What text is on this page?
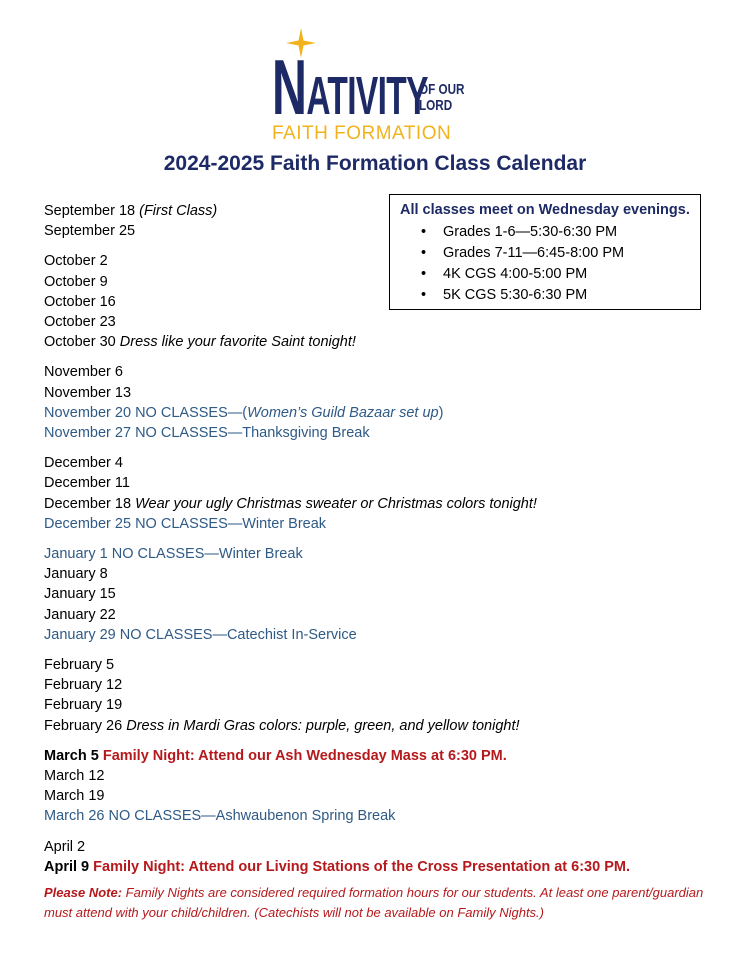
NATIVITY
OF OUR
LORD
FAITH FORMATION
2024-2025 Faith Formation Class Calendar
All classes meet on Wednesday evenings.
• Grades 1-6—5:30-6:30 PM
• Grades 7-11—6:45-8:00 PM
• 4K CGS 4:00-5:00 PM
• 5K CGS 5:30-6:30 PM
September 18 (First Class)
September 25
October 2
October 9
October 16
October 23
October 30 Dress like your favorite Saint tonight!
November 6
November 13
November 20 NO CLASSES—(Women’s Guild Bazaar set up)
November 27 NO CLASSES—Thanksgiving Break
December 4
December 11
December 18 Wear your ugly Christmas sweater or Christmas colors tonight!
December 25 NO CLASSES—Winter Break
January 1 NO CLASSES—Winter Break
January 8
January 15
January 22
January 29 NO CLASSES—Catechist In-Service
February 5
February 12
February 19
February 26 Dress in Mardi Gras colors: purple, green, and yellow tonight!
March 5 Family Night: Attend our Ash Wednesday Mass at 6:30 PM.
March 12
March 19
March 26 NO CLASSES—Ashwaubenon Spring Break
April 2
April 9 Family Night: Attend our Living Stations of the Cross Presentation at 6:30 PM.
Please Note: Family Nights are considered required formation hours for our students. At least one parent/guardian must attend with your child/children. (Catechists will not be available on Family Nights.)
